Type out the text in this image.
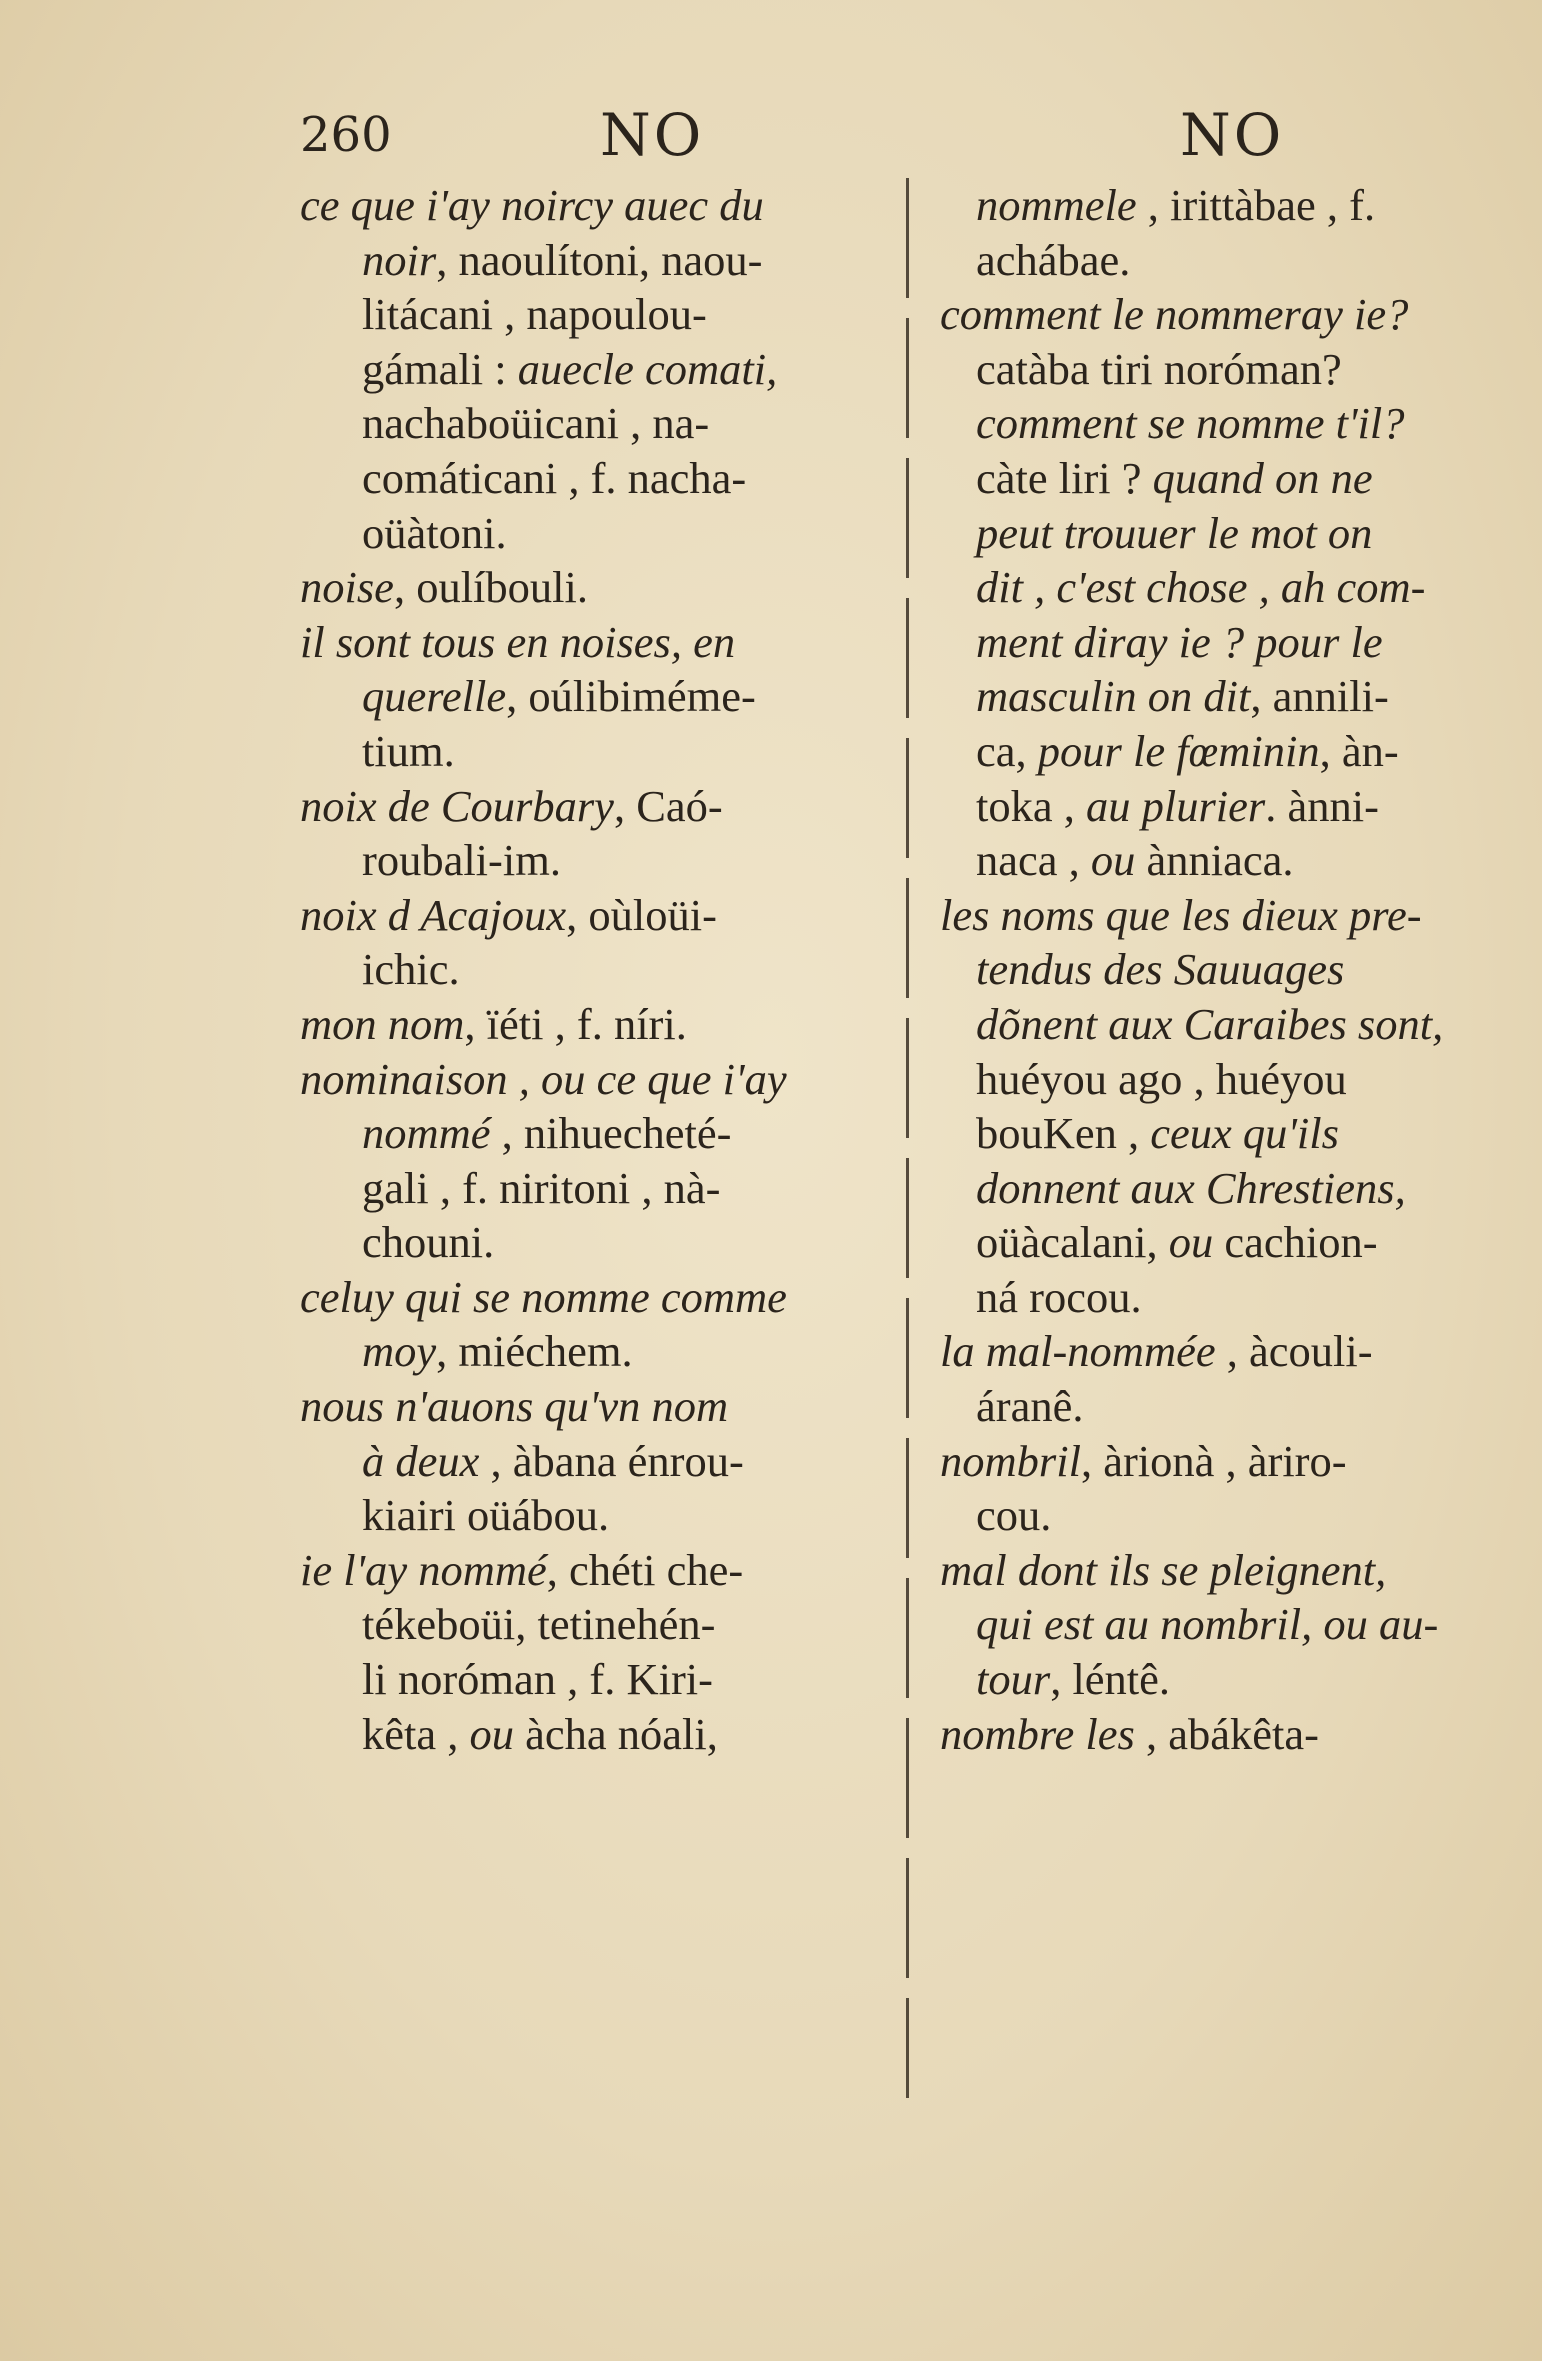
260	NO	NO
ce que i'ay noircy auec du
noir, naoulítoni, naou-
litácani , napoulou-
gámali : auecle comati,
nachaboüicani , na-
comáticani , f. nacha-
oüàtoni.
noise, oulíbouli.
il sont tous en noises, en
querelle, oúlibiméme-
tium.
noix de Courbary, Caó-
roubali-im.
noix d Acajoux, oùloüi-
ichic.
mon nom, ïéti , f. níri.
nominaison , ou ce que i'ay
nommé , nihuecheté-
gali , f. niritoni , nà-
chouni.
celuy qui se nomme comme
moy, miéchem.
nous n'auons qu'vn nom
à deux , àbana énrou-
kiairi oüábou.
ie l'ay nommé, chéti che-
tékeboüi, tetinehén-
li noróman , f. Kiri-
kêta , ou àcha nóali,
nommele , irittàbae , f.
achábae.
comment le nommeray ie?
catàba tiri noróman?
comment se nomme t'il?
càte liri ? quand on ne
peut trouuer le mot on
dit , c'est chose , ah com-
ment diray ie ? pour le
masculin on dit, annili-
ca, pour le fœminin, àn-
toka , au plurier. ànni-
naca , ou ànniaca.
les noms que les dieux pre-
tendus des Sauuages
dõnent aux Caraibes sont,
huéyou ago , huéyou
bouKen , ceux qu'ils
donnent aux Chrestiens,
oüàcalani, ou cachion-
ná rocou.
la mal-nommée , àcouli-
áranê.
nombril, àrionà , àriro-
cou.
mal dont ils se pleignent,
qui est au nombril, ou au-
tour, léntê.
nombre les , abákêta-
